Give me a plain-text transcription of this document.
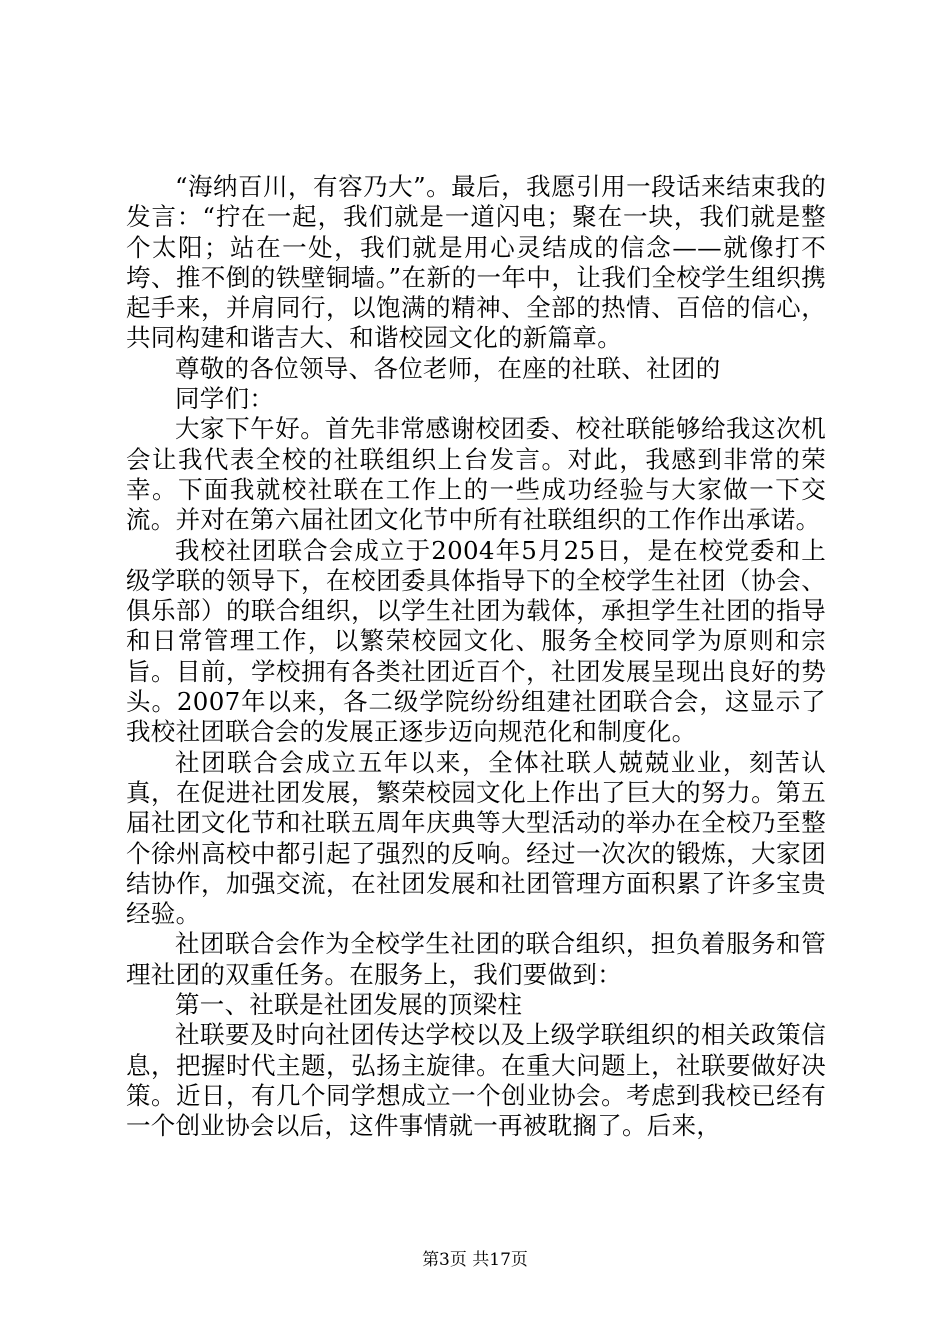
“海纳百川，有容乃大”。最后，我愿引用一段话来结束我的发言：“拧在一起，我们就是一道闪电；聚在一块，我们就是整个太阳；站在一处，我们就是用心灵结成的信念——就像打不垮、推不倒的铁壁铜墙。”在新的一年中，让我们全校学生组织携起手来，并肩同行，以饱满的精神、全部的热情、百倍的信心，共同构建和谐吉大、和谐校园文化的新篇章。

尊敬的各位领导、各位老师，在座的社联、社团的

同学们：

大家下午好。首先非常感谢校团委、校社联能够给我这次机会让我代表全校的社联组织上台发言。对此，我感到非常的荣幸。下面我就校社联在工作上的一些成功经验与大家做一下交流。并对在第六届社团文化节中所有社联组织的工作作出承诺。

我校社团联合会成立于2004年5月25日，是在校党委和上级学联的领导下，在校团委具体指导下的全校学生社团（协会、俱乐部）的联合组织，以学生社团为载体，承担学生社团的指导和日常管理工作，以繁荣校园文化、服务全校同学为原则和宗旨。目前，学校拥有各类社团近百个，社团发展呈现出良好的势头。2007年以来，各二级学院纷纷组建社团联合会，这显示了我校社团联合会的发展正逐步迈向规范化和制度化。

社团联合会成立五年以来，全体社联人兢兢业业，刻苦认真，在促进社团发展，繁荣校园文化上作出了巨大的努力。第五届社团文化节和社联五周年庆典等大型活动的举办在全校乃至整个徐州高校中都引起了强烈的反响。经过一次次的锻炼，大家团结协作，加强交流，在社团发展和社团管理方面积累了许多宝贵经验。

社团联合会作为全校学生社团的联合组织，担负着服务和管理社团的双重任务。在服务上，我们要做到：

第一、社联是社团发展的顶梁柱

社联要及时向社团传达学校以及上级学联组织的相关政策信息，把握时代主题，弘扬主旋律。在重大问题上，社联要做好决策。近日，有几个同学想成立一个创业协会。考虑到我校已经有一个创业协会以后，这件事情就一再被耽搁了。后来，

第3页 共17页
